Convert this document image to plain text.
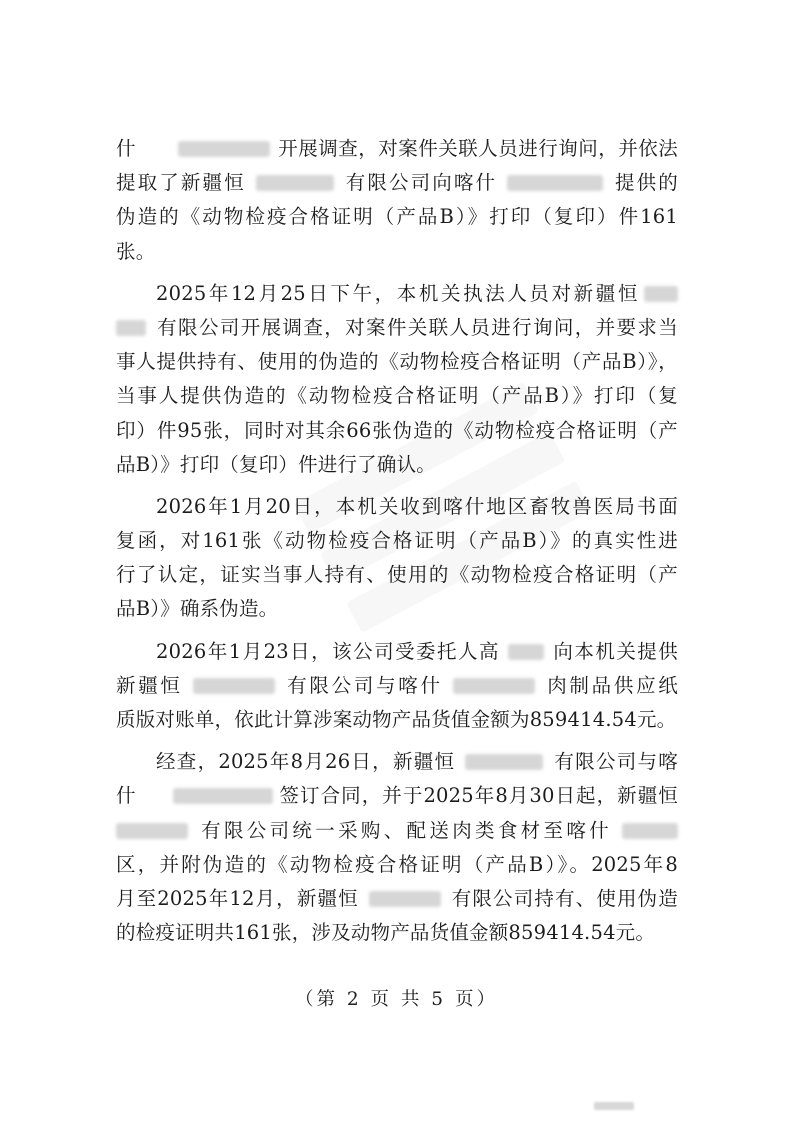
什	开展调查，对案件关联人员进行询问，并依法
提取了新疆恒	有限公司向喀什	提供的
伪造的《动物检疫合格证明（产品B）》打印（复印）件161
张。
2025年12月25日下午，本机关执法人员对新疆恒
有限公司开展调查，对案件关联人员进行询问，并要求当
事人提供持有、使用的伪造的《动物检疫合格证明（产品B）》，
当事人提供伪造的《动物检疫合格证明（产品B）》打印（复
印）件95张，同时对其余66张伪造的《动物检疫合格证明（产
品B）》打印（复印）件进行了确认。
2026年1月20日，本机关收到喀什地区畜牧兽医局书面
复函，对161张《动物检疫合格证明（产品B）》的真实性进
行了认定，证实当事人持有、使用的《动物检疫合格证明（产
品B）》确系伪造。
2026年1月23日，该公司受委托人高	向本机关提供
新疆恒	有限公司与喀什	肉制品供应纸
质版对账单，依此计算涉案动物产品货值金额为859414.54元。
经查，2025年8月26日，新疆恒	有限公司与喀
什	签订合同，并于2025年8月30日起，新疆恒
有限公司统一采购、配送肉类食材至喀什
区，并附伪造的《动物检疫合格证明（产品B）》。2025年8
月至2025年12月，新疆恒	有限公司持有、使用伪造
的检疫证明共161张，涉及动物产品货值金额859414.54元。
（第 2 页 共 5 页）
